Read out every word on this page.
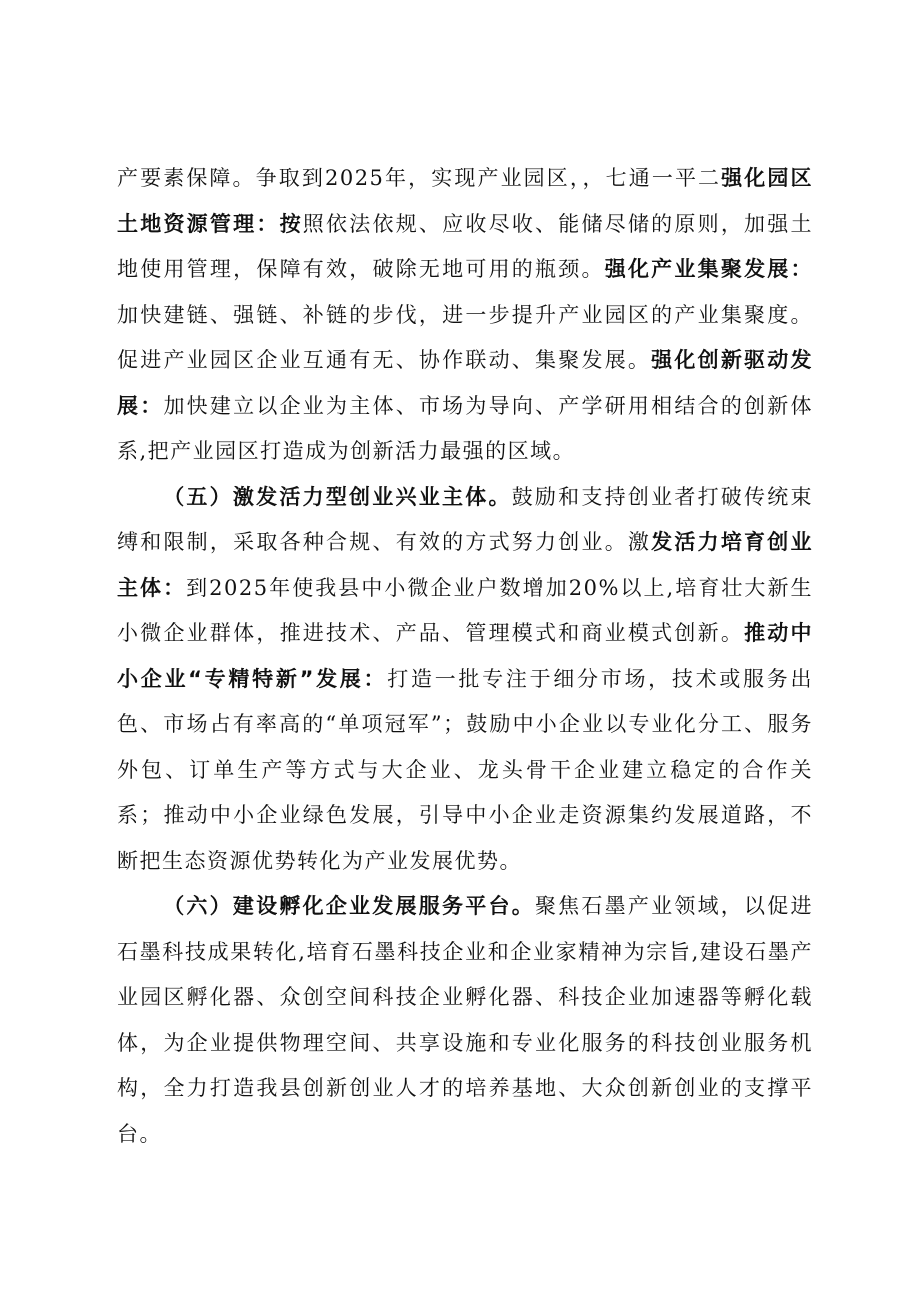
产要素保障。争取到2025年，实现产业园区，，七通一平二强化园区土地资源管理：按照依法依规、应收尽收、能储尽储的原则，加强土地使用管理，保障有效，破除无地可用的瓶颈。强化产业集聚发展：加快建链、强链、补链的步伐，进一步提升产业园区的产业集聚度。促进产业园区企业互通有无、协作联动、集聚发展。强化创新驱动发展：加快建立以企业为主体、市场为导向、产学研用相结合的创新体系,把产业园区打造成为创新活力最强的区域。

（五）激发活力型创业兴业主体。鼓励和支持创业者打破传统束缚和限制，采取各种合规、有效的方式努力创业。激发活力培育创业主体：到2025年使我县中小微企业户数增加20%以上,培育壮大新生小微企业群体，推进技术、产品、管理模式和商业模式创新。推动中小企业“专精特新”发展：打造一批专注于细分市场，技术或服务出色、市场占有率高的“单项冠军”；鼓励中小企业以专业化分工、服务外包、订单生产等方式与大企业、龙头骨干企业建立稳定的合作关系；推动中小企业绿色发展，引导中小企业走资源集约发展道路，不断把生态资源优势转化为产业发展优势。

（六）建设孵化企业发展服务平台。聚焦石墨产业领域，以促进石墨科技成果转化,培育石墨科技企业和企业家精神为宗旨,建设石墨产业园区孵化器、众创空间科技企业孵化器、科技企业加速器等孵化载体，为企业提供物理空间、共享设施和专业化服务的科技创业服务机构，全力打造我县创新创业人才的培养基地、大众创新创业的支撑平台。
